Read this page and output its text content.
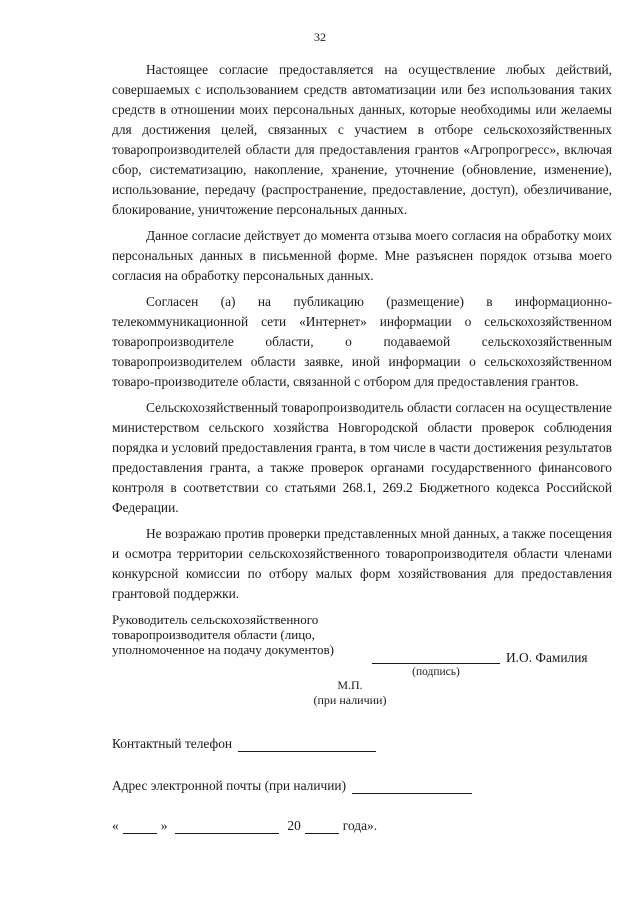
32

Настоящее согласие предоставляется на осуществление любых действий, совершаемых с использованием средств автоматизации или без использования таких средств в отношении моих персональных данных, которые необходимы или желаемы для достижения целей, связанных с участием в отборе сельскохозяйственных товаропроизводителей области для предоставления грантов «Агропрогресс», включая сбор, систематизацию, накопление, хранение, уточнение (обновление, изменение), использование, передачу (распространение, предоставление, доступ), обезличивание, блокирование, уничтожение персональных данных.

Данное согласие действует до момента отзыва моего согласия на обработку моих персональных данных в письменной форме. Мне разъяснен порядок отзыва моего согласия на обработку персональных данных.

Согласен (а) на публикацию (размещение) в информационно-телекоммуникационной сети «Интернет» информации о сельскохозяйственном товаропроизводителе области, о подаваемой сельскохозяйственным товаропроизводителем области заявке, иной информации о сельскохозяйственном товаро-производителе области, связанной с отбором для предоставления грантов.

Сельскохозяйственный товаропроизводитель области согласен на осуществление министерством сельского хозяйства Новгородской области проверок соблюдения порядка и условий предоставления гранта, в том числе в части достижения результатов предоставления гранта, а также проверок органами государственного финансового контроля в соответствии со статьями 268.1, 269.2 Бюджетного кодекса Российской Федерации.

Не возражаю против проверки представленных мной данных, а также посещения и осмотра территории сельскохозяйственного товаропроизводителя области членами конкурсной комиссии по отбору малых форм хозяйствования для предоставления грантовой поддержки.

Руководитель сельскохозяйственного товаропроизводителя области (лицо, уполномоченное на подачу документов)
И.О. Фамилия
(подпись)
М.П.
(при наличии)
Контактный телефон
Адрес электронной почты (при наличии)
«	»	20	года».
